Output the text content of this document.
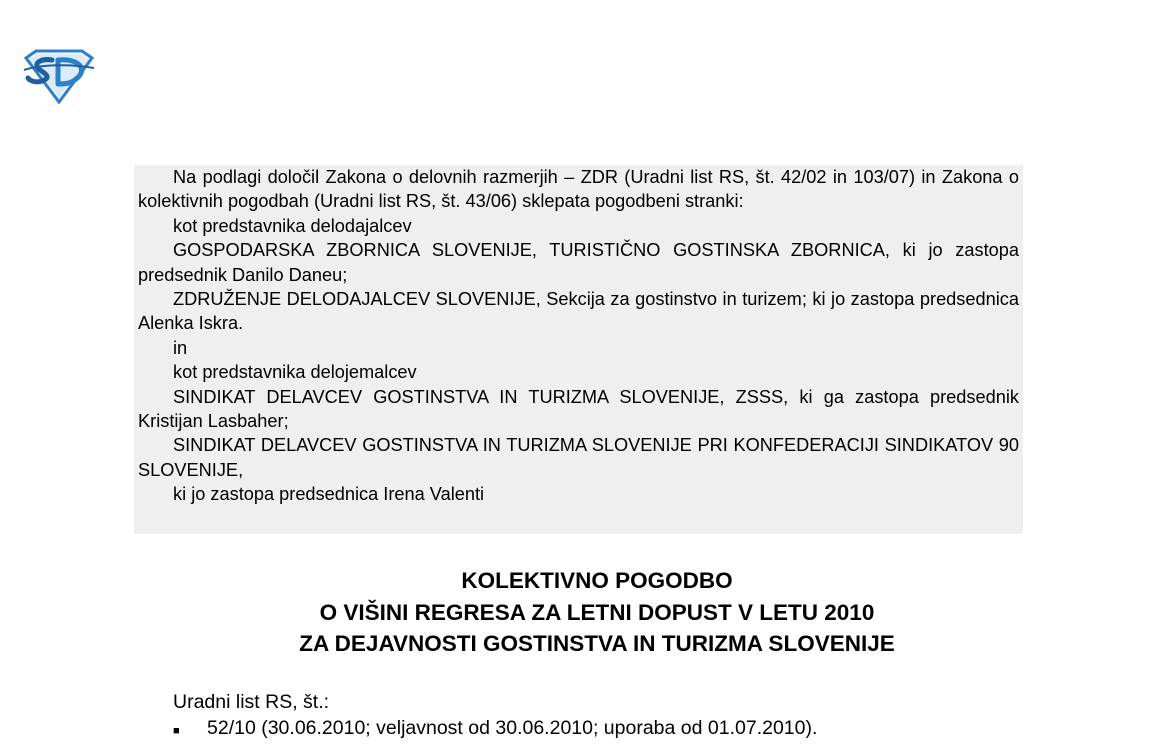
Na podlagi določil Zakona o delovnih razmerjih – ZDR (Uradni list RS, št. 42/02 in 103/07) in Zakona o kolektivnih pogodbah (Uradni list RS, št. 43/06) sklepata pogodbeni stranki:

kot predstavnika delodajalcev

GOSPODARSKA ZBORNICA SLOVENIJE, TURISTIČNO GOSTINSKA ZBORNICA, ki jo zastopa predsednik Danilo Daneu;

ZDRUŽENJE DELODAJALCEV SLOVENIJE, Sekcija za gostinstvo in turizem; ki jo zastopa predsednica Alenka Iskra.

in

kot predstavnika delojemalcev

SINDIKAT DELAVCEV GOSTINSTVA IN TURIZMA SLOVENIJE, ZSSS, ki ga zastopa predsednik Kristijan Lasbaher;

SINDIKAT DELAVCEV GOSTINSTVA IN TURIZMA SLOVENIJE PRI KONFEDERACIJI SINDIKATOV 90 SLOVENIJE,

ki jo zastopa predsednica Irena Valenti

KOLEKTIVNO POGODBO
O VIŠINI REGRESA ZA LETNI DOPUST V LETU 2010
ZA DEJAVNOSTI GOSTINSTVA IN TURIZMA SLOVENIJE
Uradni list RS, št.:
■	52/10 (30.06.2010; veljavnost od 30.06.2010; uporaba od 01.07.2010).
